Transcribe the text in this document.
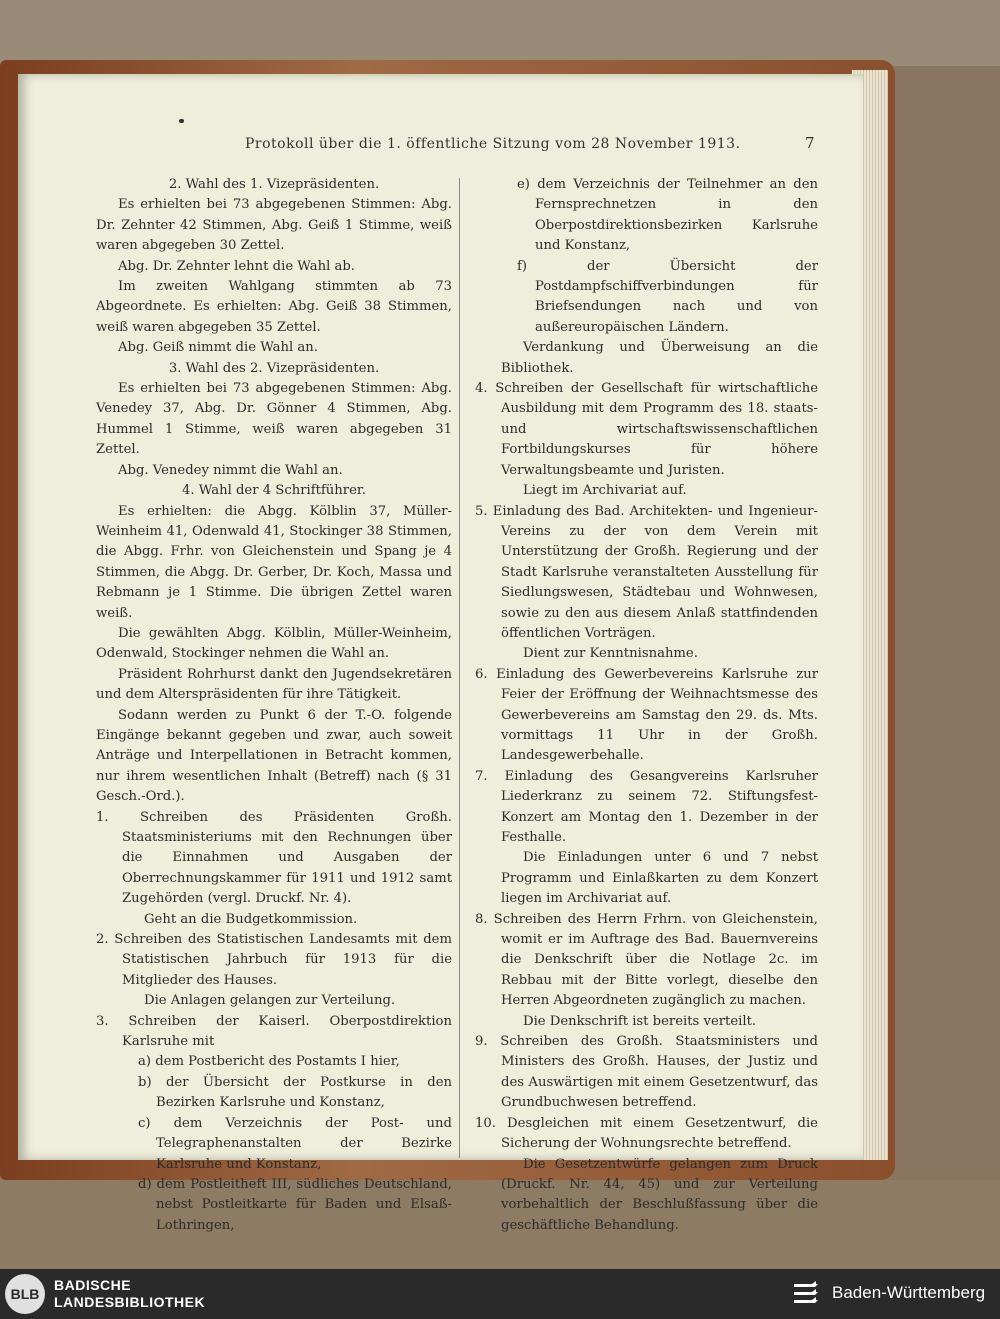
Protokoll über die 1. öffentliche Sitzung vom 28 November 1913.	7

2. Wahl des 1. Vizepräsidenten.

Es erhielten bei 73 abgegebenen Stimmen: Abg. Dr. Zehnter 42 Stimmen, Abg. Geiß 1 Stimme, weiß waren abgegeben 30 Zettel.

Abg. Dr. Zehnter lehnt die Wahl ab.

Im zweiten Wahlgang stimmten ab 73 Abgeordnete. Es erhielten: Abg. Geiß 38 Stimmen, weiß waren abgegeben 35 Zettel.

Abg. Geiß nimmt die Wahl an.

3. Wahl des 2. Vizepräsidenten.

Es erhielten bei 73 abgegebenen Stimmen: Abg. Venedey 37, Abg. Dr. Gönner 4 Stimmen, Abg. Hummel 1 Stimme, weiß waren abgegeben 31 Zettel.

Abg. Venedey nimmt die Wahl an.

4. Wahl der 4 Schriftführer.

Es erhielten: die Abgg. Kölblin 37, Müller-Weinheim 41, Odenwald 41, Stockinger 38 Stimmen, die Abgg. Frhr. von Gleichenstein und Spang je 4 Stimmen, die Abgg. Dr. Gerber, Dr. Koch, Massa und Rebmann je 1 Stimme. Die übrigen Zettel waren weiß.

Die gewählten Abgg. Kölblin, Müller-Weinheim, Odenwald, Stockinger nehmen die Wahl an.

Präsident Rohrhurst dankt den Jugendsekretären und dem Alterspräsidenten für ihre Tätigkeit.

Sodann werden zu Punkt 6 der T.-O. folgende Eingänge bekannt gegeben und zwar, auch soweit Anträge und Interpellationen in Betracht kommen, nur ihrem wesentlichen Inhalt (Betreff) nach (§ 31 Gesch.-Ord.).

1. Schreiben des Präsidenten Großh. Staatsministeriums mit den Rechnungen über die Einnahmen und Ausgaben der Oberrechnungskammer für 1911 und 1912 samt Zugehörden (vergl. Druckf. Nr. 4).

Geht an die Budgetkommission.

2. Schreiben des Statistischen Landesamts mit dem Statistischen Jahrbuch für 1913 für die Mitglieder des Hauses.

Die Anlagen gelangen zur Verteilung.

3. Schreiben der Kaiserl. Oberpostdirektion Karlsruhe mit

a) dem Postbericht des Postamts I hier,

b) der Übersicht der Postkurse in den Bezirken Karlsruhe und Konstanz,

c) dem Verzeichnis der Post- und Telegraphenanstalten der Bezirke Karlsruhe und Konstanz,

d) dem Postleitheft III, südliches Deutschland, nebst Postleitkarte für Baden und Elsaß-Lothringen,

e) dem Verzeichnis der Teilnehmer an den Fernsprechnetzen in den Oberpostdirektionsbezirken Karlsruhe und Konstanz,

f) der Übersicht der Postdampfschiffverbindungen für Briefsendungen nach und von außereuropäischen Ländern.

Verdankung und Überweisung an die Bibliothek.

4. Schreiben der Gesellschaft für wirtschaftliche Ausbildung mit dem Programm des 18. staats- und wirtschaftswissenschaftlichen Fortbildungskurses für höhere Verwaltungsbeamte und Juristen.

Liegt im Archivariat auf.

5. Einladung des Bad. Architekten- und Ingenieur-Vereins zu der von dem Verein mit Unterstützung der Großh. Regierung und der Stadt Karlsruhe veranstalteten Ausstellung für Siedlungswesen, Städtebau und Wohnwesen, sowie zu den aus diesem Anlaß stattfindenden öffentlichen Vorträgen.

Dient zur Kenntnisnahme.

6. Einladung des Gewerbevereins Karlsruhe zur Feier der Eröffnung der Weihnachtsmesse des Gewerbevereins am Samstag den 29. ds. Mts. vormittags 11 Uhr in der Großh. Landesgewerbehalle.

7. Einladung des Gesangvereins Karlsruher Liederkranz zu seinem 72. Stiftungsfest-Konzert am Montag den 1. Dezember in der Festhalle.

Die Einladungen unter 6 und 7 nebst Programm und Einlaßkarten zu dem Konzert liegen im Archivariat auf.

8. Schreiben des Herrn Frhrn. von Gleichenstein, womit er im Auftrage des Bad. Bauernvereins die Denkschrift über die Notlage 2c. im Rebbau mit der Bitte vorlegt, dieselbe den Herren Abgeordneten zugänglich zu machen.

Die Denkschrift ist bereits verteilt.

9. Schreiben des Großh. Staatsministers und Ministers des Großh. Hauses, der Justiz und des Auswärtigen mit einem Gesetzentwurf, das Grundbuchwesen betreffend.

10. Desgleichen mit einem Gesetzentwurf, die Sicherung der Wohnungsrechte betreffend.

Die Gesetzentwürfe gelangen zum Druck (Druckf. Nr. 44, 45) und zur Verteilung vorbehaltlich der Beschlußfassung über die geschäftliche Behandlung.

BLB
BADISCHE
LANDESBIBLIOTHEK	Baden-Württemberg
